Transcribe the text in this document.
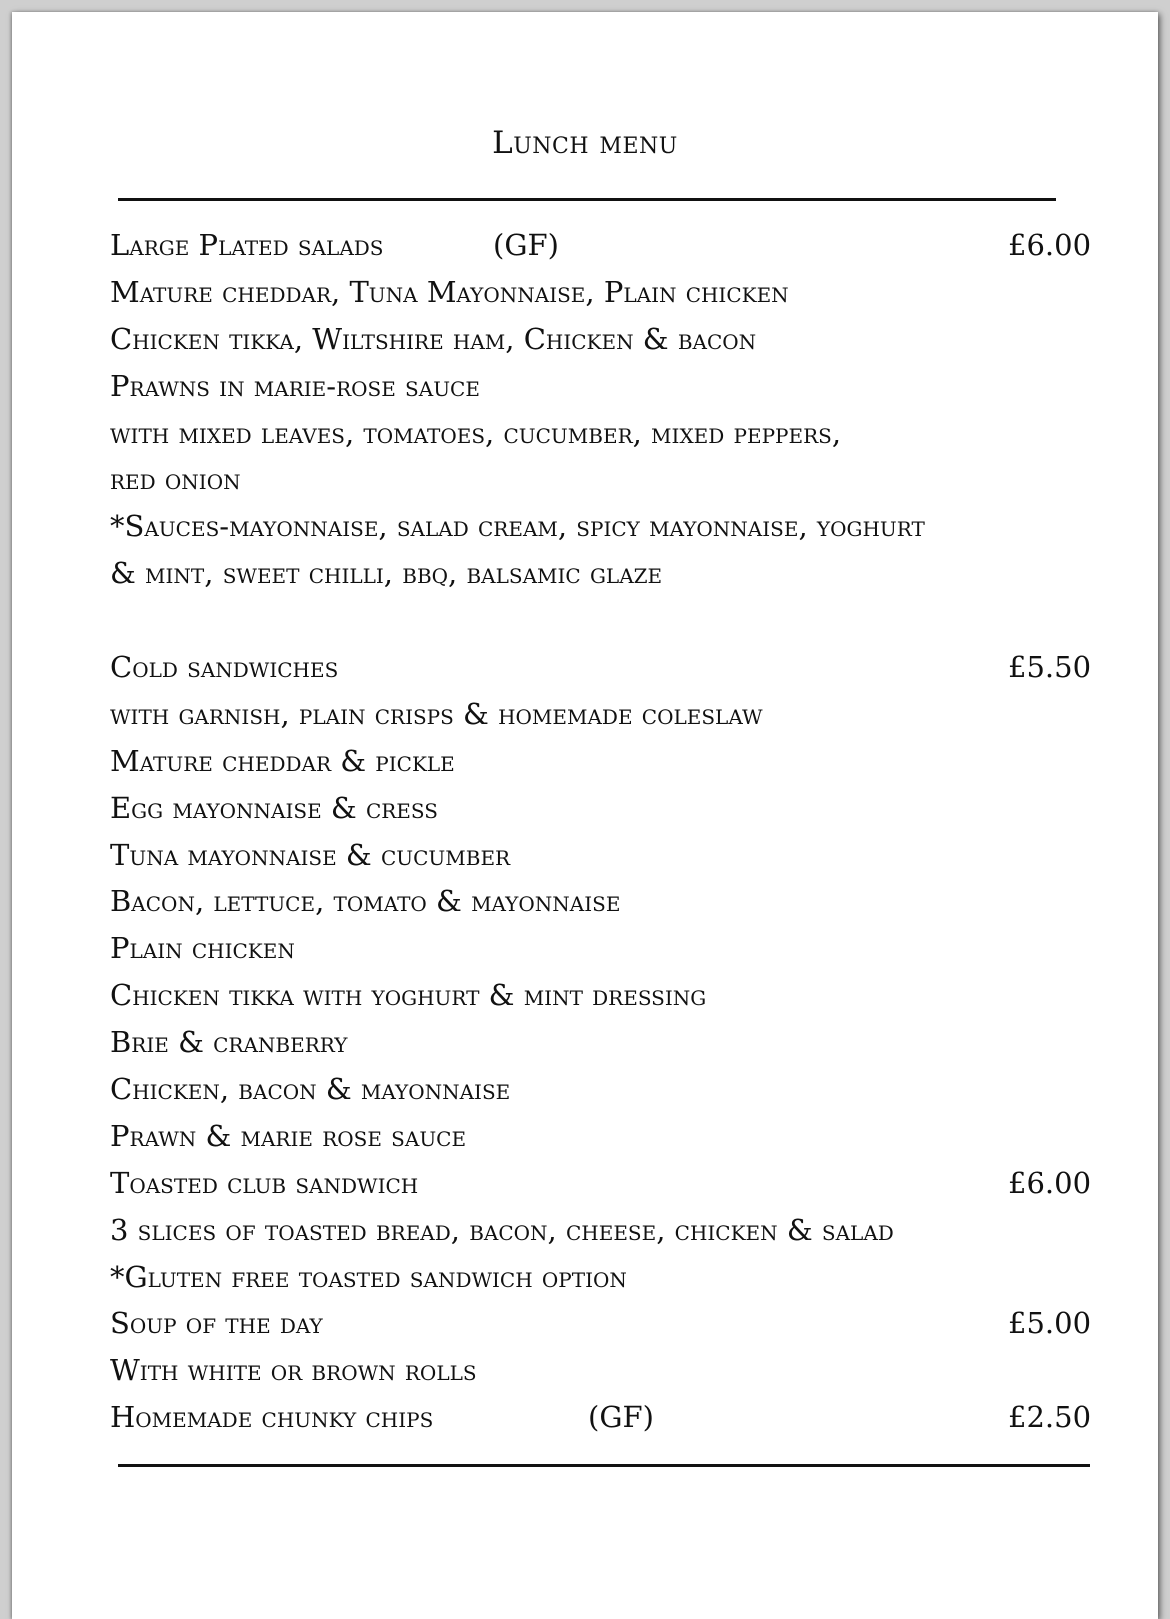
Lunch menu
Large Plated salads	(GF)	£6.00
Mature cheddar, Tuna Mayonnaise, Plain chicken
Chicken tikka, Wiltshire ham, Chicken & bacon
Prawns in marie-rose sauce
with mixed leaves, tomatoes, cucumber, mixed peppers,
red onion
*Sauces-mayonnaise, salad cream, spicy mayonnaise, yoghurt
& mint, sweet chilli, bbq, balsamic glaze
Cold sandwiches	£5.50
with garnish, plain crisps & homemade coleslaw
Mature cheddar & pickle
Egg mayonnaise & cress
Tuna mayonnaise & cucumber
Bacon, lettuce, tomato & mayonnaise
Plain chicken
Chicken tikka with yoghurt & mint dressing
Brie & cranberry
Chicken, bacon & mayonnaise
Prawn & marie rose sauce
Toasted club sandwich	£6.00
3 slices of toasted bread, bacon, cheese, chicken & salad
*Gluten free toasted sandwich option
Soup of the day	£5.00
With white or brown rolls
Homemade chunky chips	(GF)	£2.50
